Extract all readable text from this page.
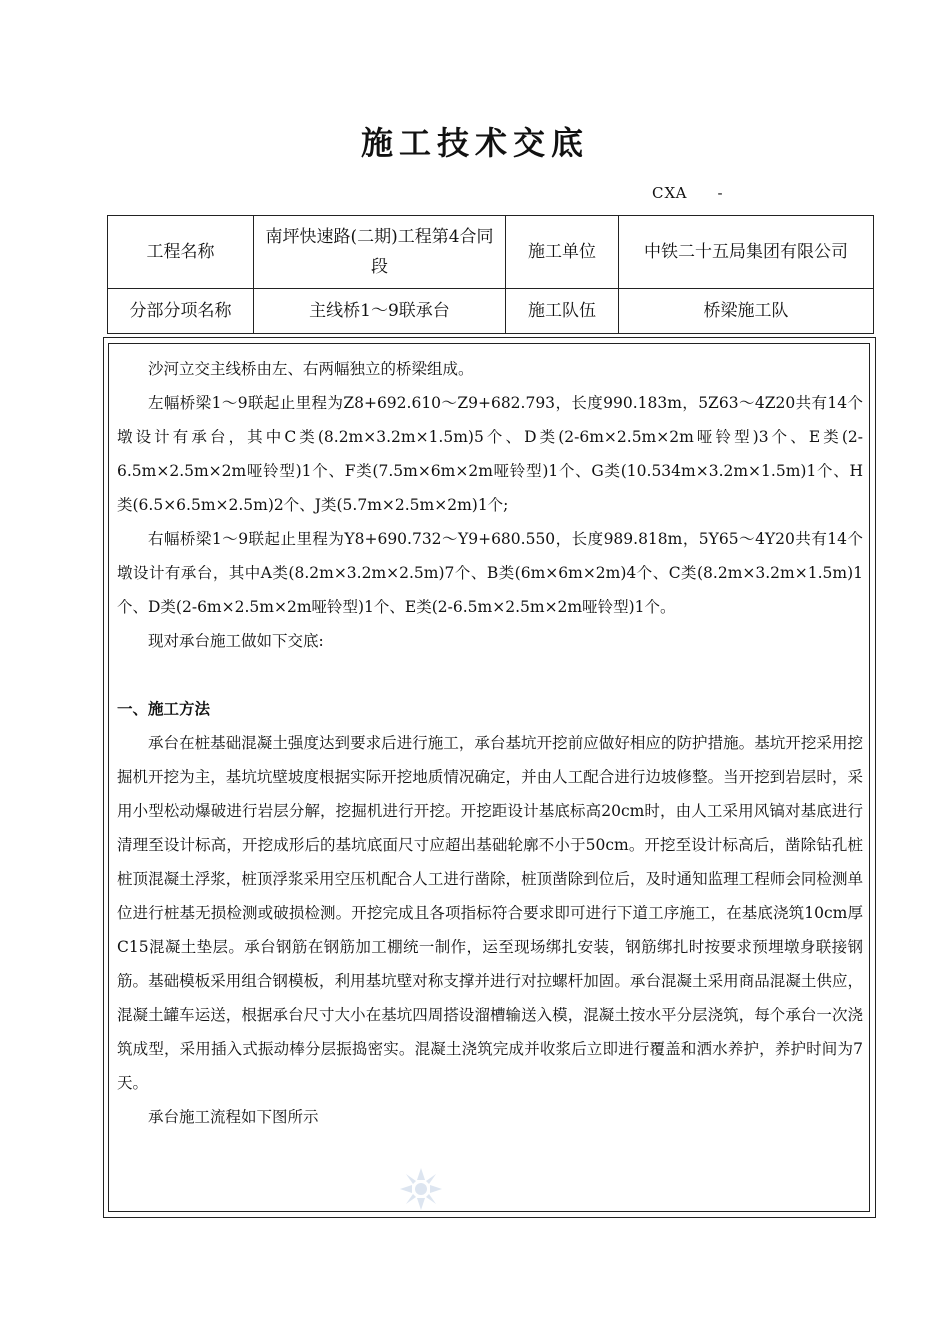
施工技术交底
CXA -
工程名称	南坪快速路(二期)工程第4合同段	施工单位	中铁二十五局集团有限公司
分部分项名称	主线桥1～9联承台	施工队伍	桥梁施工队

沙河立交主线桥由左、右两幅独立的桥梁组成。

左幅桥梁1～9联起止里程为Z8+692.610～Z9+682.793，长度990.183m，5Z63～4Z20共有14个墩设计有承台，其中C类(8.2m×3.2m×1.5m)5个、D类(2-6m×2.5m×2m哑铃型)3个、E类(2-6.5m×2.5m×2m哑铃型)1个、F类(7.5m×6m×2m哑铃型)1个、G类(10.534m×3.2m×1.5m)1个、H类(6.5×6.5m×2.5m)2个、J类(5.7m×2.5m×2m)1个;

右幅桥梁1～9联起止里程为Y8+690.732～Y9+680.550，长度989.818m，5Y65～4Y20共有14个墩设计有承台，其中A类(8.2m×3.2m×2.5m)7个、B类(6m×6m×2m)4个、C类(8.2m×3.2m×1.5m)1个、D类(2-6m×2.5m×2m哑铃型)1个、E类(2-6.5m×2.5m×2m哑铃型)1个。

现对承台施工做如下交底:

一、施工方法

承台在桩基础混凝土强度达到要求后进行施工，承台基坑开挖前应做好相应的防护措施。基坑开挖采用挖掘机开挖为主，基坑坑壁坡度根据实际开挖地质情况确定，并由人工配合进行边坡修整。当开挖到岩层时，采用小型松动爆破进行岩层分解，挖掘机进行开挖。开挖距设计基底标高20cm时，由人工采用风镐对基底进行清理至设计标高，开挖成形后的基坑底面尺寸应超出基础轮廓不小于50cm。开挖至设计标高后，凿除钻孔桩桩顶混凝土浮浆，桩顶浮浆采用空压机配合人工进行凿除，桩顶凿除到位后，及时通知监理工程师会同检测单位进行桩基无损检测或破损检测。开挖完成且各项指标符合要求即可进行下道工序施工，在基底浇筑10cm厚 C15混凝土垫层。承台钢筋在钢筋加工棚统一制作，运至现场绑扎安装，钢筋绑扎时按要求预埋墩身联接钢筋。基础模板采用组合钢模板，利用基坑壁对称支撑并进行对拉螺杆加固。承台混凝土采用商品混凝土供应，混凝土罐车运送，根据承台尺寸大小在基坑四周搭设溜槽输送入模，混凝土按水平分层浇筑，每个承台一次浇筑成型，采用插入式振动棒分层振捣密实。混凝土浇筑完成并收浆后立即进行覆盖和洒水养护，养护时间为7天。

承台施工流程如下图所示
